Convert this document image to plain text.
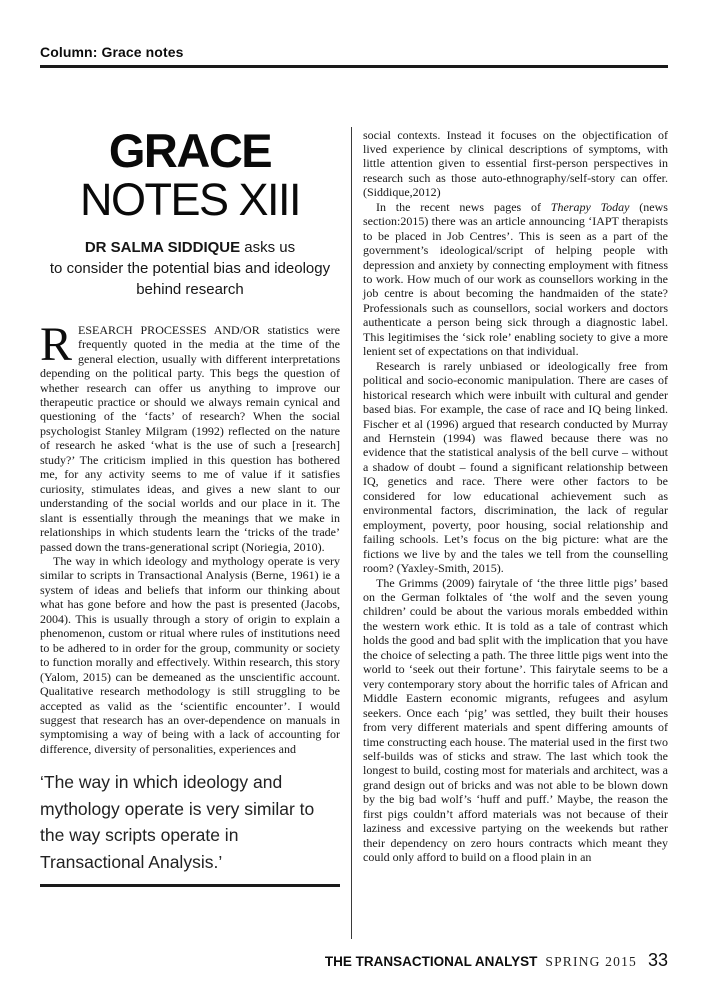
Column: Grace notes
GRACE
NOTES XIII
DR SALMA SIDDIQUE asks us
to consider the potential bias and ideology
behind research

RESEARCH PROCESSES AND/OR statistics were frequently quoted in the media at the time of the general election, usually with different interpretations depending on the political party. This begs the question of whether research can offer us anything to improve our therapeutic practice or should we always remain cynical and questioning of the ‘facts’ of research? When the social psychologist Stanley Milgram (1992) reflected on the nature of research he asked ‘what is the use of such a [research] study?’ The criticism implied in this question has bothered me, for any activity seems to me of value if it satisfies curiosity, stimulates ideas, and gives a new slant to our understanding of the social worlds and our place in it. The slant is essentially through the meanings that we make in relationships in which students learn the ‘tricks of the trade’ passed down the trans-generational script (Noriegia, 2010).

The way in which ideology and mythology operate is very similar to scripts in Transactional Analysis (Berne, 1961) ie a system of ideas and beliefs that inform our thinking about what has gone before and how the past is presented (Jacobs, 2004). This is usually through a story of origin to explain a phenomenon, custom or ritual where rules of institutions need to be adhered to in order for the group, community or society to function morally and effectively. Within research, this story (Yalom, 2015) can be demeaned as the unscientific account. Qualitative research methodology is still struggling to be accepted as valid as the ‘scientific encounter’. I would suggest that research has an over-dependence on manuals in symptomising a way of being with a lack of accounting for difference, diversity of personalities, experiences and

‘The way in which ideology and mythology operate is very similar to the way scripts operate in Transactional Analysis.’

social contexts. Instead it focuses on the objectification of lived experience by clinical descriptions of symptoms, with little attention given to essential first-person perspectives in research such as those auto-ethnography/self-story can offer. (Siddique,2012)

In the recent news pages of Therapy Today (news section:2015) there was an article announcing ‘IAPT therapists to be placed in Job Centres’. This is seen as a part of the government’s ideological/script of helping people with depression and anxiety by connecting employment with fitness to work. How much of our work as counsellors working in the job centre is about becoming the handmaiden of the state? Professionals such as counsellors, social workers and doctors authenticate a person being sick through a diagnostic label. This legitimises the ‘sick role’ enabling society to give a more lenient set of expectations on that individual.

Research is rarely unbiased or ideologically free from political and socio-economic manipulation. There are cases of historical research which were inbuilt with cultural and gender based bias. For example, the case of race and IQ being linked. Fischer et al (1996) argued that research conducted by Murray and Hernstein (1994) was flawed because there was no evidence that the statistical analysis of the bell curve – without a shadow of doubt – found a significant relationship between IQ, genetics and race. There were other factors to be considered for low educational achievement such as environmental factors, discrimination, the lack of regular employment, poverty, poor housing, social relationship and failing schools. Let’s focus on the big picture: what are the fictions we live by and the tales we tell from the counselling room? (Yaxley-Smith, 2015).

The Grimms (2009) fairytale of ‘the three little pigs’ based on the German folktales of ‘the wolf and the seven young children’ could be about the various morals embedded within the western work ethic. It is told as a tale of contrast which holds the good and bad split with the implication that you have the choice of selecting a path. The three little pigs went into the world to ‘seek out their fortune’. This fairytale seems to be a very contemporary story about the horrific tales of African and Middle Eastern economic migrants, refugees and asylum seekers. Once each ‘pig’ was settled, they built their houses from very different materials and spent differing amounts of time constructing each house. The material used in the first two self-builds was of sticks and straw. The last which took the longest to build, costing most for materials and architect, was a grand design out of bricks and was not able to be blown down by the big bad wolf’s ‘huff and puff.’ Maybe, the reason the first pigs couldn’t afford materials was not because of their laziness and excessive partying on the weekends but rather their dependency on zero hours contracts which meant they could only afford to build on a flood plain in an

THE TRANSACTIONAL ANALYST SPRING 2015 33
